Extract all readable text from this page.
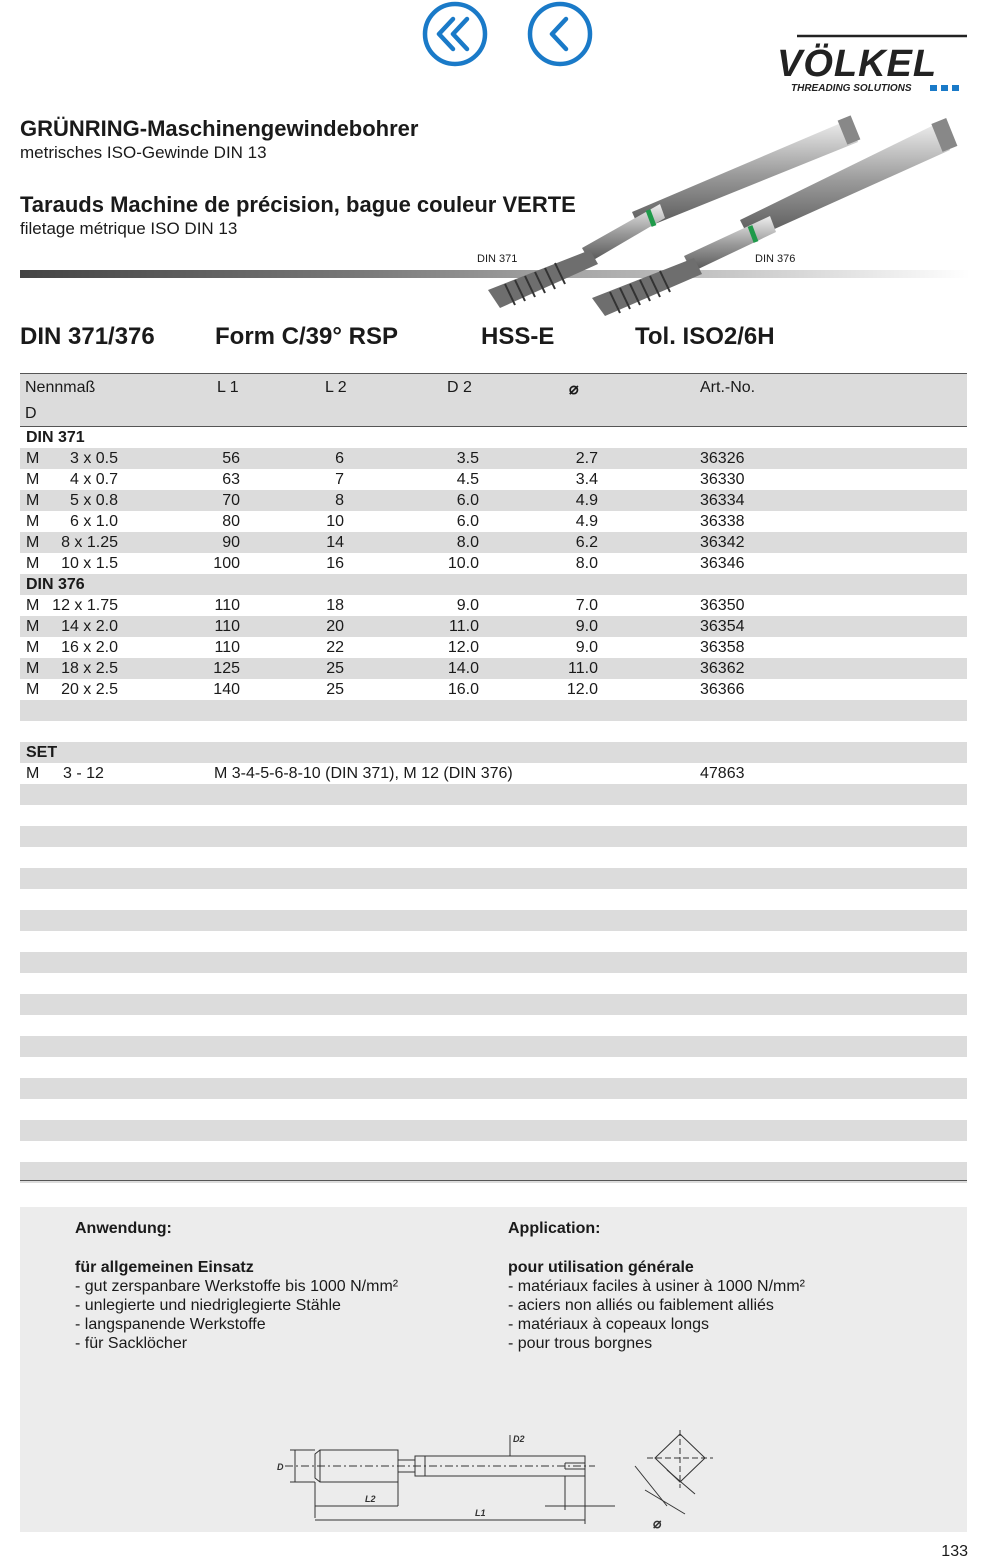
VÖLKEL
THREADING SOLUTIONS
GRÜNRING-Maschinengewindebohrer
metrisches ISO-Gewinde DIN 13
Tarauds Machine de précision, bague couleur VERTE
filetage métrique ISO DIN 13
DIN 371	DIN 376
DIN 371/376	Form C/39° RSP	HSS-E	Tol. ISO2/6H
Nennmaß
D
L 1	L 2	D 2	⌀	Art.-No.
DIN 371
M	3 x 0.5	56	6	3.5	2.7	36326
M	4 x 0.7	63	7	4.5	3.4	36330
M	5 x 0.8	70	8	6.0	4.9	36334
M	6 x 1.0	80	10	6.0	4.9	36338
M	8 x 1.25	90	14	8.0	6.2	36342
M	10 x 1.5	100	16	10.0	8.0	36346
DIN 376
M 12 x 1.75	110	18	9.0	7.0	36350
M	14 x 2.0	110	20	11.0	9.0	36354
M	16 x 2.0	110	22	12.0	9.0	36358
M	18 x 2.5	125	25	14.0	11.0	36362
M	20 x 2.5	140	25	16.0	12.0	36366
SET
M 3 - 12	M 3-4-5-6-8-10 (DIN 371), M 12 (DIN 376)	47863
Anwendung:
für allgemeinen Einsatz
- gut zerspanbare Werkstoffe bis 1000 N/mm²
- unlegierte und niedriglegierte Stähle
- langspanende Werkstoffe
- für Sacklöcher
Application:
pour utilisation générale
- matériaux faciles à usiner à 1000 N/mm²
- aciers non alliés ou faiblement alliés
- matériaux à copeaux longs
- pour trous borgnes
D
D2
L2
L1
⌀
133
